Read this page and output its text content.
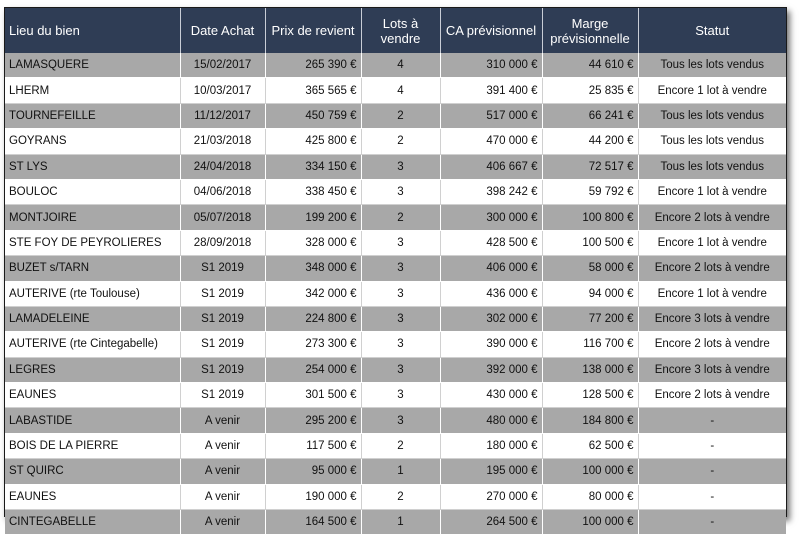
Lieu du bien	Date Achat	Prix de revient	Lots à vendre	CA prévisionnel	Marge prévisionnelle	Statut
LAMASQUERE	15/02/2017	265 390 €	4	310 000 €	44 610 €	Tous les lots vendus
LHERM	10/03/2017	365 565 €	4	391 400 €	25 835 €	Encore 1 lot à vendre
TOURNEFEILLE	11/12/2017	450 759 €	2	517 000 €	66 241 €	Tous les lots vendus
GOYRANS	21/03/2018	425 800 €	2	470 000 €	44 200 €	Tous les lots vendus
ST LYS	24/04/2018	334 150 €	3	406 667 €	72 517 €	Tous les lots vendus
BOULOC	04/06/2018	338 450 €	3	398 242 €	59 792 €	Encore 1 lot à vendre
MONTJOIRE	05/07/2018	199 200 €	2	300 000 €	100 800 €	Encore 2 lots à vendre
STE FOY DE PEYROLIERES	28/09/2018	328 000 €	3	428 500 €	100 500 €	Encore 1 lot à vendre
BUZET s/TARN	S1 2019	348 000 €	3	406 000 €	58 000 €	Encore 2 lots à vendre
AUTERIVE (rte Toulouse)	S1 2019	342 000 €	3	436 000 €	94 000 €	Encore 1 lot à vendre
LAMADELEINE	S1 2019	224 800 €	3	302 000 €	77 200 €	Encore 3 lots à vendre
AUTERIVE (rte Cintegabelle)	S1 2019	273 300 €	3	390 000 €	116 700 €	Encore 2 lots à vendre
LEGRES	S1 2019	254 000 €	3	392 000 €	138 000 €	Encore 3 lots à vendre
EAUNES	S1 2019	301 500 €	3	430 000 €	128 500 €	Encore 2 lots à vendre
LABASTIDE	A venir	295 200 €	3	480 000 €	184 800 €	-
BOIS DE LA PIERRE	A venir	117 500 €	2	180 000 €	62 500 €	-
ST QUIRC	A venir	95 000 €	1	195 000 €	100 000 €	-
EAUNES	A venir	190 000 €	2	270 000 €	80 000 €	-
CINTEGABELLE	A venir	164 500 €	1	264 500 €	100 000 €	-
